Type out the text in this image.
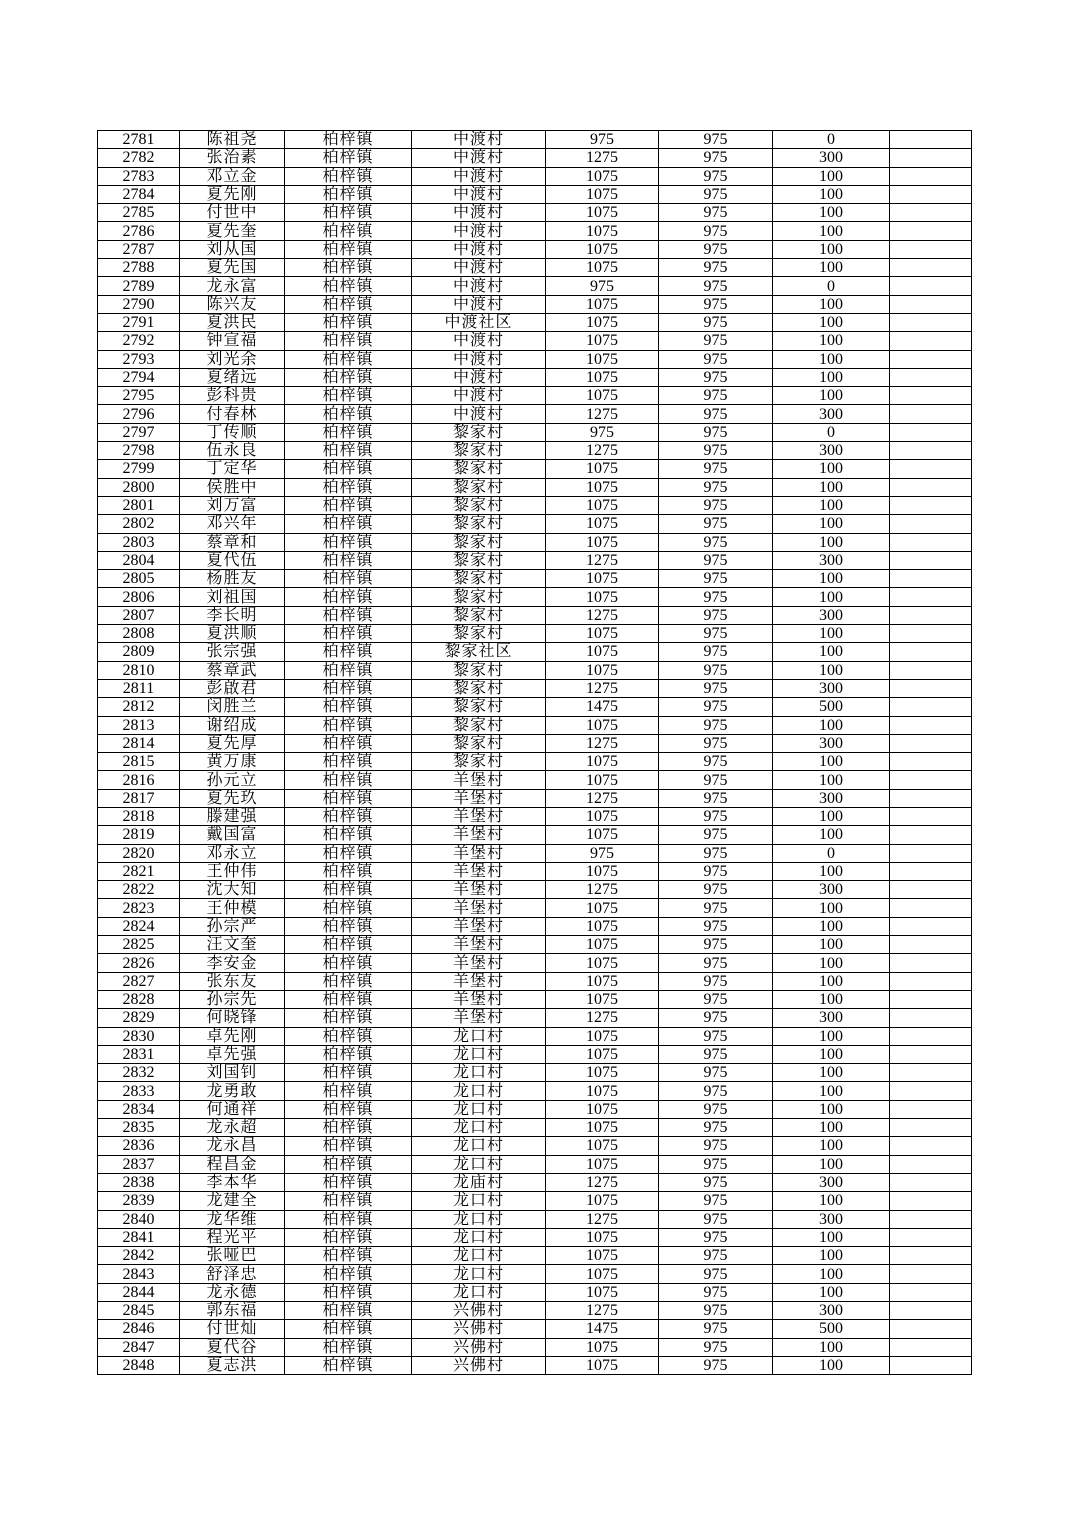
2781	陈祖尧	柏梓镇	中渡村	975	975	0	
2782	张治素	柏梓镇	中渡村	1275	975	300	
2783	邓立金	柏梓镇	中渡村	1075	975	100	
2784	夏先刚	柏梓镇	中渡村	1075	975	100	
2785	付世中	柏梓镇	中渡村	1075	975	100	
2786	夏先奎	柏梓镇	中渡村	1075	975	100	
2787	刘从国	柏梓镇	中渡村	1075	975	100	
2788	夏先国	柏梓镇	中渡村	1075	975	100	
2789	龙永富	柏梓镇	中渡村	975	975	0	
2790	陈兴友	柏梓镇	中渡村	1075	975	100	
2791	夏洪民	柏梓镇	中渡社区	1075	975	100	
2792	钟宣福	柏梓镇	中渡村	1075	975	100	
2793	刘光余	柏梓镇	中渡村	1075	975	100	
2794	夏绪远	柏梓镇	中渡村	1075	975	100	
2795	彭科贵	柏梓镇	中渡村	1075	975	100	
2796	付春林	柏梓镇	中渡村	1275	975	300	
2797	丁传顺	柏梓镇	黎家村	975	975	0	
2798	伍永良	柏梓镇	黎家村	1275	975	300	
2799	丁定华	柏梓镇	黎家村	1075	975	100	
2800	侯胜中	柏梓镇	黎家村	1075	975	100	
2801	刘万富	柏梓镇	黎家村	1075	975	100	
2802	邓兴年	柏梓镇	黎家村	1075	975	100	
2803	蔡章和	柏梓镇	黎家村	1075	975	100	
2804	夏代伍	柏梓镇	黎家村	1275	975	300	
2805	杨胜友	柏梓镇	黎家村	1075	975	100	
2806	刘祖国	柏梓镇	黎家村	1075	975	100	
2807	李长明	柏梓镇	黎家村	1275	975	300	
2808	夏洪顺	柏梓镇	黎家村	1075	975	100	
2809	张宗强	柏梓镇	黎家社区	1075	975	100	
2810	蔡章武	柏梓镇	黎家村	1075	975	100	
2811	彭啟君	柏梓镇	黎家村	1275	975	300	
2812	闵胜兰	柏梓镇	黎家村	1475	975	500	
2813	谢绍成	柏梓镇	黎家村	1075	975	100	
2814	夏先厚	柏梓镇	黎家村	1275	975	300	
2815	黄万康	柏梓镇	黎家村	1075	975	100	
2816	孙元立	柏梓镇	羊堡村	1075	975	100	
2817	夏先玖	柏梓镇	羊堡村	1275	975	300	
2818	滕建强	柏梓镇	羊堡村	1075	975	100	
2819	戴国富	柏梓镇	羊堡村	1075	975	100	
2820	邓永立	柏梓镇	羊堡村	975	975	0	
2821	王仲伟	柏梓镇	羊堡村	1075	975	100	
2822	沈大知	柏梓镇	羊堡村	1275	975	300	
2823	王仲模	柏梓镇	羊堡村	1075	975	100	
2824	孙宗严	柏梓镇	羊堡村	1075	975	100	
2825	汪文奎	柏梓镇	羊堡村	1075	975	100	
2826	李安金	柏梓镇	羊堡村	1075	975	100	
2827	张东友	柏梓镇	羊堡村	1075	975	100	
2828	孙宗先	柏梓镇	羊堡村	1075	975	100	
2829	何晓锋	柏梓镇	羊堡村	1275	975	300	
2830	卓先刚	柏梓镇	龙口村	1075	975	100	
2831	卓先强	柏梓镇	龙口村	1075	975	100	
2832	刘国钊	柏梓镇	龙口村	1075	975	100	
2833	龙勇敢	柏梓镇	龙口村	1075	975	100	
2834	何通祥	柏梓镇	龙口村	1075	975	100	
2835	龙永超	柏梓镇	龙口村	1075	975	100	
2836	龙永昌	柏梓镇	龙口村	1075	975	100	
2837	程昌金	柏梓镇	龙口村	1075	975	100	
2838	李本华	柏梓镇	龙庙村	1275	975	300	
2839	龙建全	柏梓镇	龙口村	1075	975	100	
2840	龙华维	柏梓镇	龙口村	1275	975	300	
2841	程光平	柏梓镇	龙口村	1075	975	100	
2842	张哑巴	柏梓镇	龙口村	1075	975	100	
2843	舒泽忠	柏梓镇	龙口村	1075	975	100	
2844	龙永德	柏梓镇	龙口村	1075	975	100	
2845	郭东福	柏梓镇	兴佛村	1275	975	300	
2846	付世灿	柏梓镇	兴佛村	1475	975	500	
2847	夏代谷	柏梓镇	兴佛村	1075	975	100	
2848	夏志洪	柏梓镇	兴佛村	1075	975	100	
